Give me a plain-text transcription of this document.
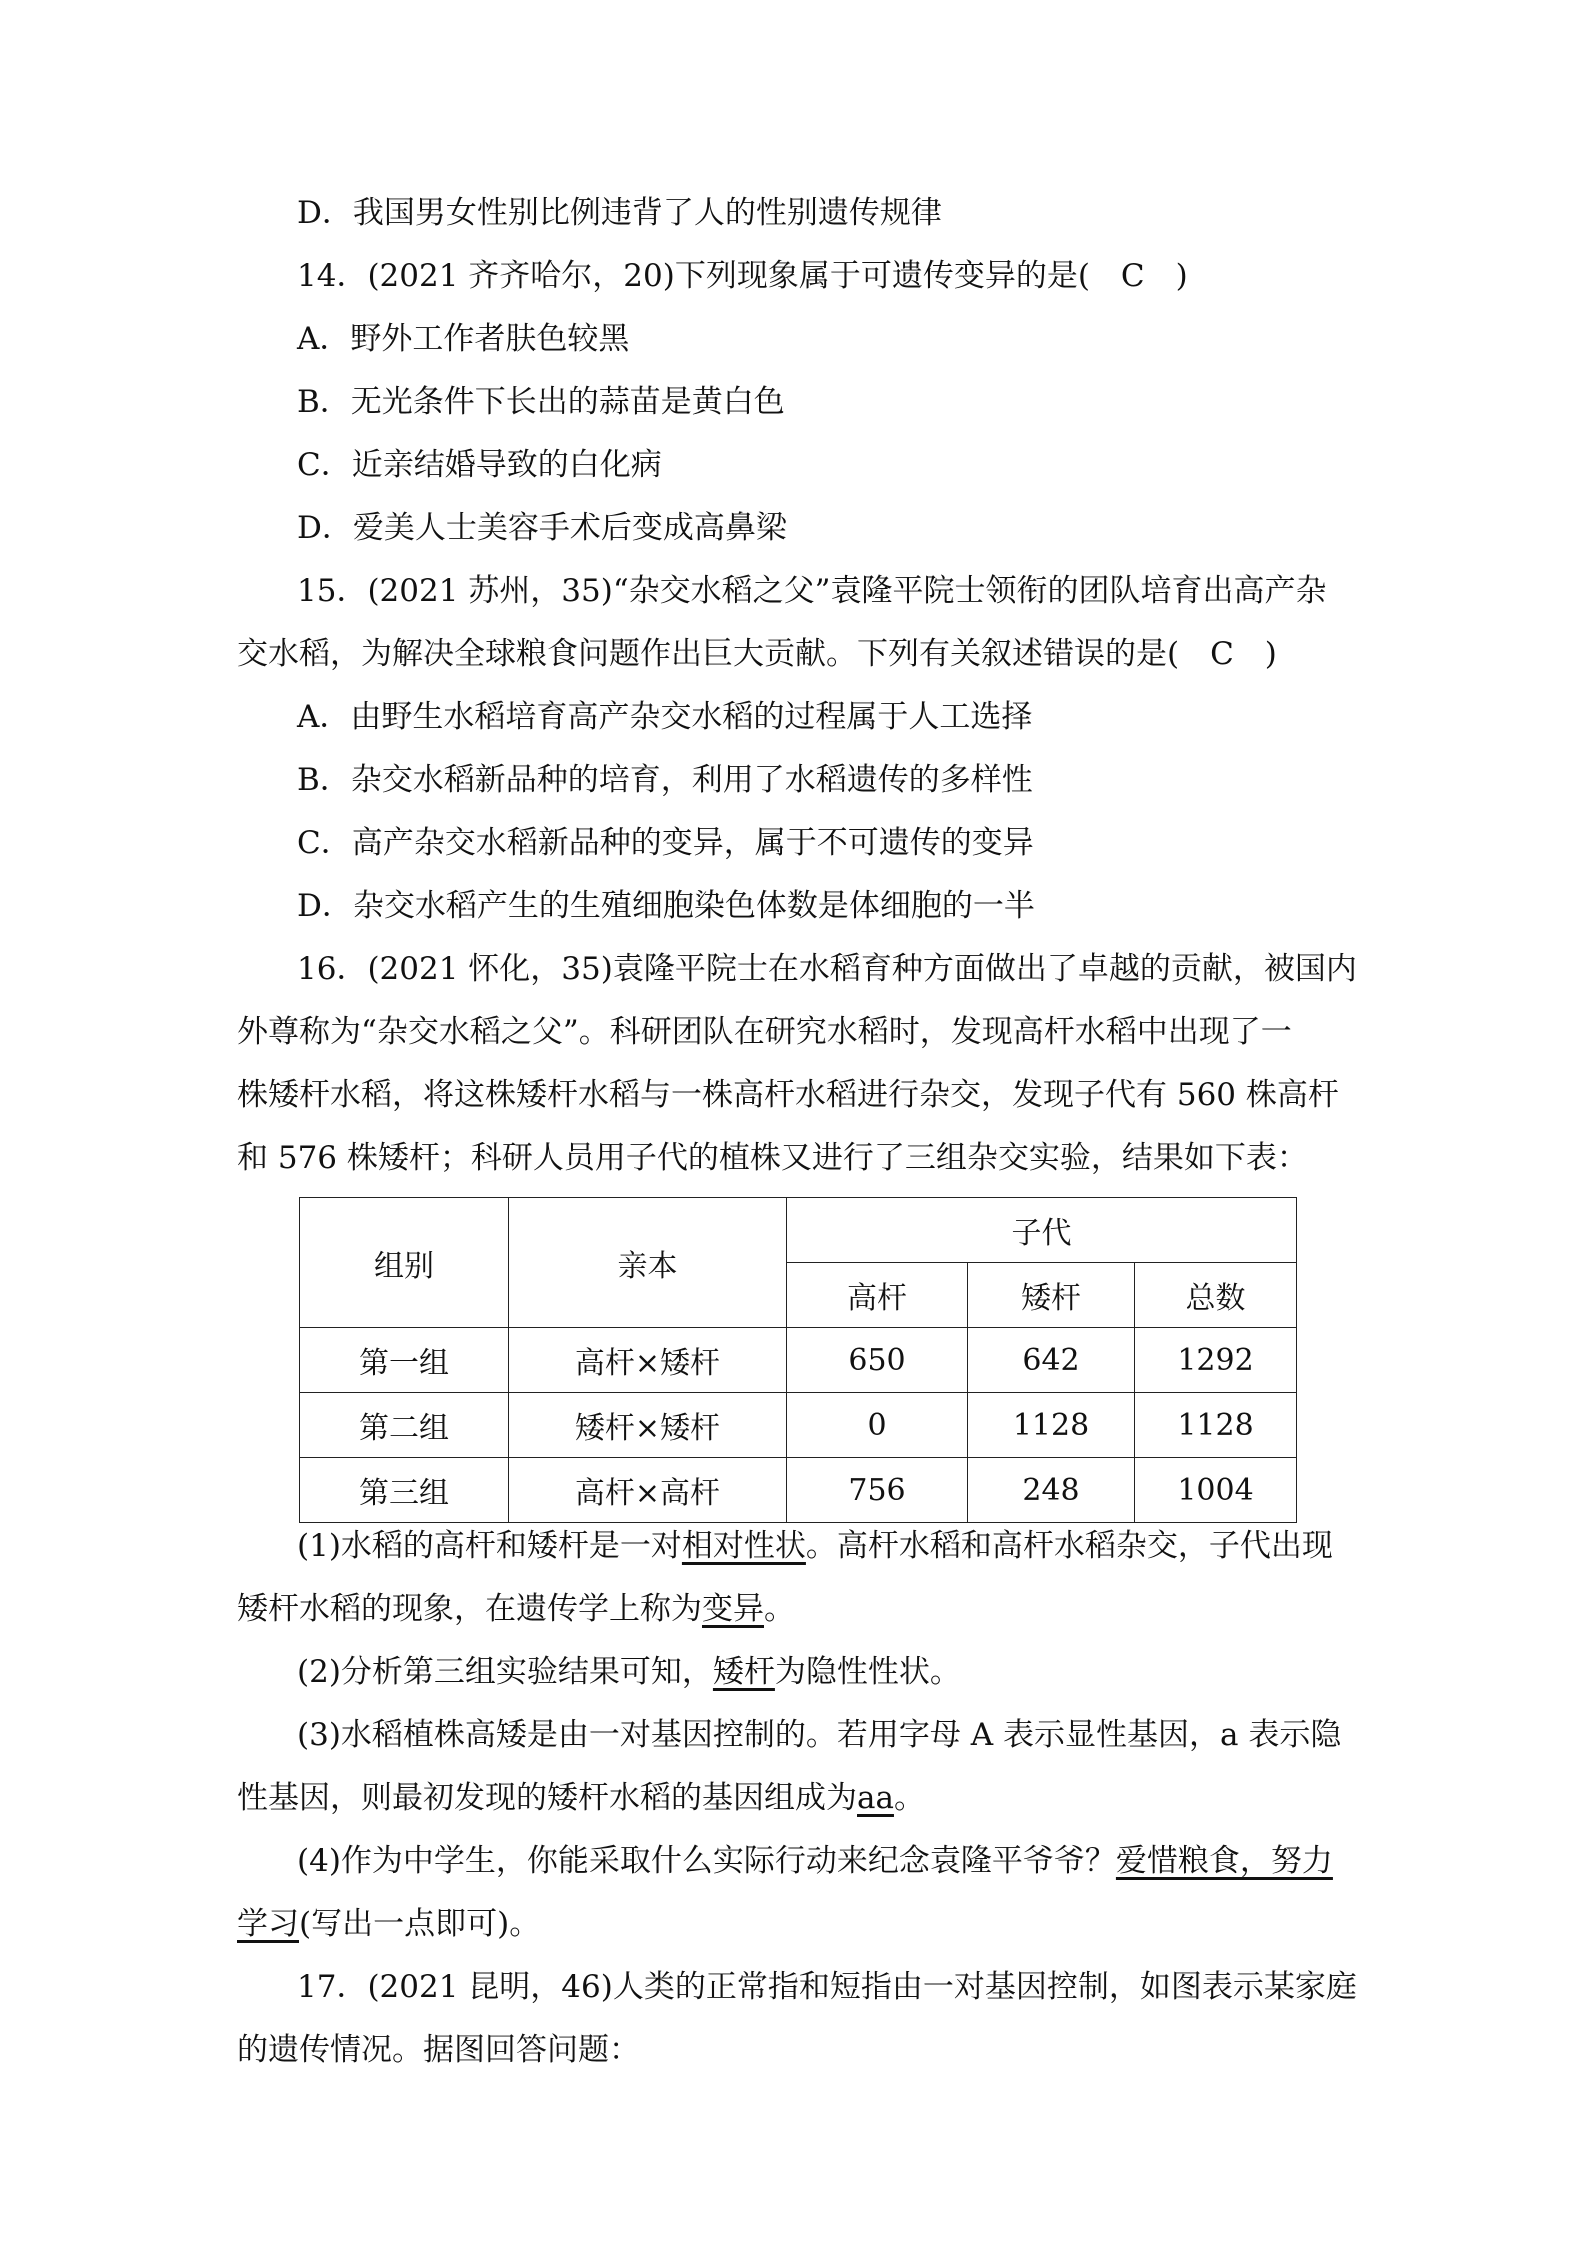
D．我国男女性别比例违背了人的性别遗传规律
14．(2021 齐齐哈尔，20)下列现象属于可遗传变异的是(　C　)
A．野外工作者肤色较黑
B．无光条件下长出的蒜苗是黄白色
C．近亲结婚导致的白化病
D．爱美人士美容手术后变成高鼻梁
15．(2021 苏州，35)“杂交水稻之父”袁隆平院士领衔的团队培育出高产杂
交水稻，为解决全球粮食问题作出巨大贡献。下列有关叙述错误的是(　C　)
A．由野生水稻培育高产杂交水稻的过程属于人工选择
B．杂交水稻新品种的培育，利用了水稻遗传的多样性
C．高产杂交水稻新品种的变异，属于不可遗传的变异
D．杂交水稻产生的生殖细胞染色体数是体细胞的一半
16．(2021 怀化，35)袁隆平院士在水稻育种方面做出了卓越的贡献，被国内
外尊称为“杂交水稻之父”。科研团队在研究水稻时，发现高杆水稻中出现了一
株矮杆水稻，将这株矮杆水稻与一株高杆水稻进行杂交，发现子代有 560 株高杆
和 576 株矮杆；科研人员用子代的植株又进行了三组杂交实验，结果如下表：
组别	亲本	子代		
		高杆	矮杆	总数
第一组	高杆×矮杆	650	642	1292
第二组	矮杆×矮杆	0	1128	1128
第三组	高杆×高杆	756	248	1004
(1)水稻的高杆和矮杆是一对相对性状。高杆水稻和高杆水稻杂交，子代出现
矮杆水稻的现象，在遗传学上称为变异。
(2)分析第三组实验结果可知，矮杆为隐性性状。
(3)水稻植株高矮是由一对基因控制的。若用字母 A 表示显性基因，a 表示隐
性基因，则最初发现的矮杆水稻的基因组成为aa。
(4)作为中学生，你能采取什么实际行动来纪念袁隆平爷爷？爱惜粮食，努力
学习(写出一点即可)。
17．(2021 昆明，46)人类的正常指和短指由一对基因控制，如图表示某家庭
的遗传情况。据图回答问题：
